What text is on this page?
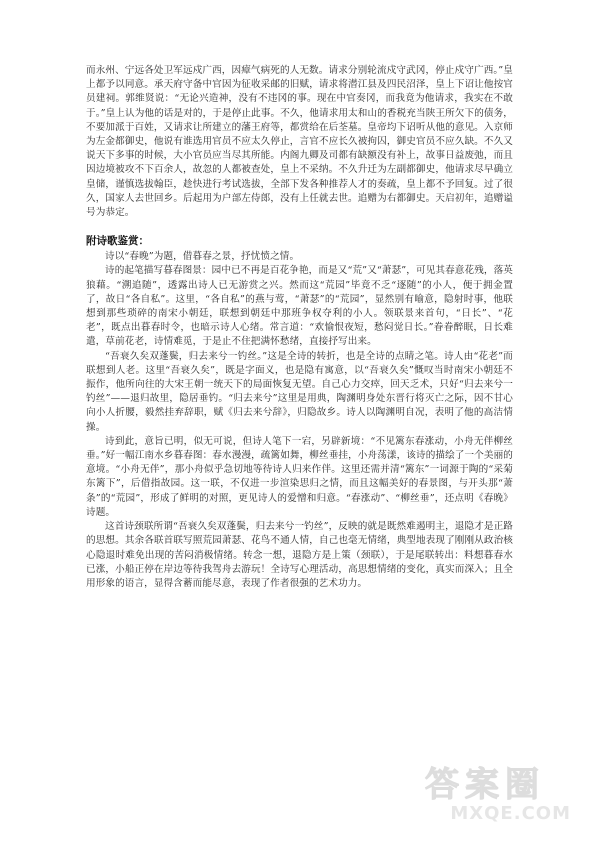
而永州、宁远各处卫军远戍广西，因瘴气病死的人无数。请求分别轮流戍守武冈，停止戍守广西。”皇上都予以同意。承天府守备中官因为征收采邮的旧赋，请求将潜江县及四民沼泽，皇上下诏让他按官员建祠。郭维贤说：“无论兴造神，没有不违冈的事。现在中官奏冈，而我竟为他请求，我实在不敢于。”皇上认为他的话是对的，于是停止此事。不久，他请求用太和山的香税充当陕王所欠下的债务，不要加派于百姓，又请求让所建立的藩王府等，都赏给在后荃墓。皇帝均下诏听从他的意见。入京师为左金都御史，他说有谁选用官员不应太久停止，言官不应长久被拘囚，御史官员不应久缺。不久又说天下多事的时候，大小官员应当尽其所能。内阁九卿及司都有缺额没有补上，故事日益废弛，而且因边境被攻不下百余人，故忽的人都被查处，皇上不采纳。不久升迁为左副都御史，他请求尽早确立皇储，谨慎选拔翰臣，趁快进行考试选拔，全部下发各种推荐人才的奏疏，皇上都不予回复。过了很久，国家人去世回乡。后起用为户部左侍郎，没有上任就去世。追赠为右都御史。天启初年，追赠谥号为恭定。

附诗歌鉴赏：

诗以“春晚”为题，借暮春之景，抒忧愤之情。

诗的起笔描写暮春图景：园中已不再是百花争艳，而是又“荒”又“萧瑟”，可见其春意花残，落英狼藉。“溯追随”，透露出诗人已无游赏之兴。然而这“荒园”毕竟不乏“逐随”的小人，便于拥金置了，故日“各自私”。这里，“各自私”的燕与莺，“萧瑟”的“荒园”，显然别有喻意，隐射时事，他联想到那些琐碎的南宋小朝廷，联想到朝廷中那班争权夺利的小人。领联景来首句，“日长”、“花老”，既点出暮春时令，也暗示诗人心绪。常言道：“欢愉恨夜短，愁闷觉日长。”眷眷醉眠，日长难遣，草前花老，诗情难觅，于是止不住把满怀愁绪，直接抒写出来。

“吾衰久矣双蓬鬓，归去来兮一钓丝。”这是全诗的转折，也是全诗的点睛之笔。诗人由“花老”而联想到人老。这里“吾衰久矣”，既是字面义，也是隐有寓意，以“吾衰久矣”慨叹当时南宋小朝廷不振作，他所向往的大宋王朝一统天下的局面恢复无望。自己心力交瘁，回天乏术，只好“归去来兮一钓丝”——退归故里，隐居垂钓。“归去来兮”这里是用典，陶渊明身处东晋行将灭亡之际，因不甘心向小人折腰，毅然挂弃辞职，赋《归去来兮辞》，归隐故乡。诗人以陶渊明自况，表明了他的高洁情操。

诗到此，意旨已明，似无可说，但诗人笔下一宕，另辟新境：“不见篱东春涨动，小舟无伴柳丝垂。”好一幅江南水乡暮春图：春水漫漫，疏篱如舞，柳丝垂挂，小舟荡漾，该诗的描绘了一个美丽的意境。“小舟无伴”，那小舟似乎急切地等待诗人归来作伴。这里还需并清“篱东”一词源于陶的“采菊东篱下”，后借指故园。这一联，不仅进一步渲染思归之情，而且这幅美好的春景图，与开头那“萧条”的“荒园”，形成了鲜明的对照，更见诗人的爱憎和归意。“春涨动”、“柳丝垂”，还点明《春晚》诗题。

这首诗颈联所谓“吾衰久矣双蓬鬓，归去来兮一钓丝”，反映的就是既然难遏明主，退隐才是正路的思想。其余各联首联写照荒园萧瑟、花鸟不通人情，自己也毫无情绪，典型地表现了刚刚从政治核心隐退时难免出现的苦闷消极情绪。转念一想，退隐方是上策（颈联），于是尾联转出：料想暮春水已涨，小船正停在岸边等待我驾舟去游玩！全诗写心理活动，高思想情绪的变化，真实而深入；且全用形象的语言，显得含蓄而能尽意，表现了作者很强的艺术功力。

答案圈
MXQE.COM
